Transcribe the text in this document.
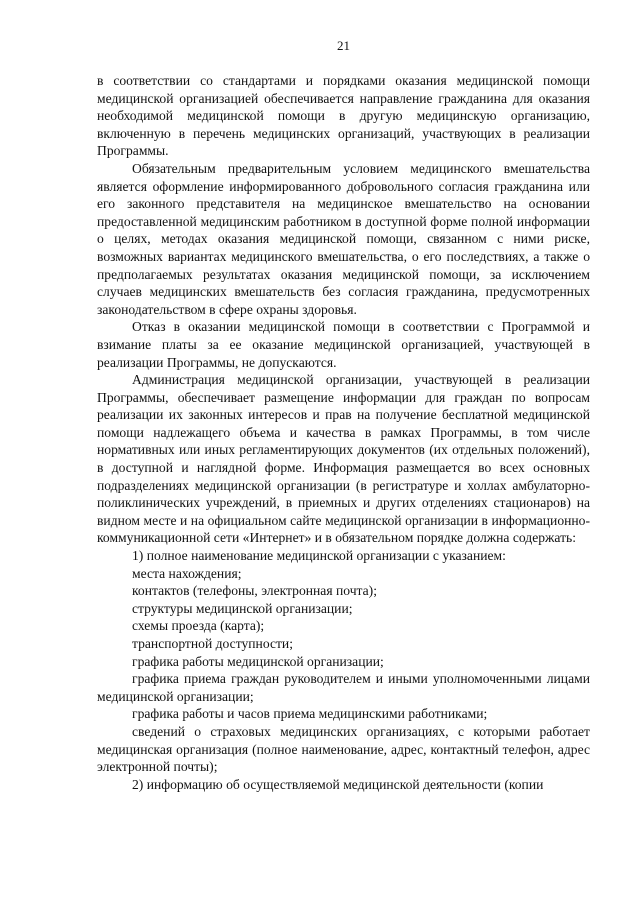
21

в соответствии со стандартами и порядками оказания медицинской помощи медицинской организацией обеспечивается направление гражданина для оказания необходимой медицинской помощи в другую медицинскую организацию, включенную в перечень медицинских организаций, участвующих в реализации Программы.

Обязательным предварительным условием медицинского вмешательства является оформление информированного добровольного согласия гражданина или его законного представителя на медицинское вмешательство на основании предоставленной медицинским работником в доступной форме полной информации о целях, методах оказания медицинской помощи, связанном с ними риске, возможных вариантах медицинского вмешательства, о его последствиях, а также о предполагаемых результатах оказания медицинской помощи, за исключением случаев медицинских вмешательств без согласия гражданина, предусмотренных законодательством в сфере охраны здоровья.

Отказ в оказании медицинской помощи в соответствии с Программой и взимание платы за ее оказание медицинской организацией, участвующей в реализации Программы, не допускаются.

Администрация медицинской организации, участвующей в реализации Программы, обеспечивает размещение информации для граждан по вопросам реализации их законных интересов и прав на получение бесплатной медицинской помощи надлежащего объема и качества в рамках Программы, в том числе нормативных или иных регламентирующих документов (их отдельных положений), в доступной и наглядной форме. Информация размещается во всех основных подразделениях медицинской организации (в регистратуре и холлах амбулаторно-поликлинических учреждений, в приемных и других отделениях стационаров) на видном месте и на официальном сайте медицинской организации в информационно-коммуникационной сети «Интернет» и в обязательном порядке должна содержать:

1) полное наименование медицинской организации с указанием:

места нахождения;

контактов (телефоны, электронная почта);

структуры медицинской организации;

схемы проезда (карта);

транспортной доступности;

графика работы медицинской организации;

графика приема граждан руководителем и иными уполномоченными лицами медицинской организации;

графика работы и часов приема медицинскими работниками;

сведений о страховых медицинских организациях, с которыми работает медицинская организация (полное наименование, адрес, контактный телефон, адрес электронной почты);

2) информацию об осуществляемой медицинской деятельности (копии
